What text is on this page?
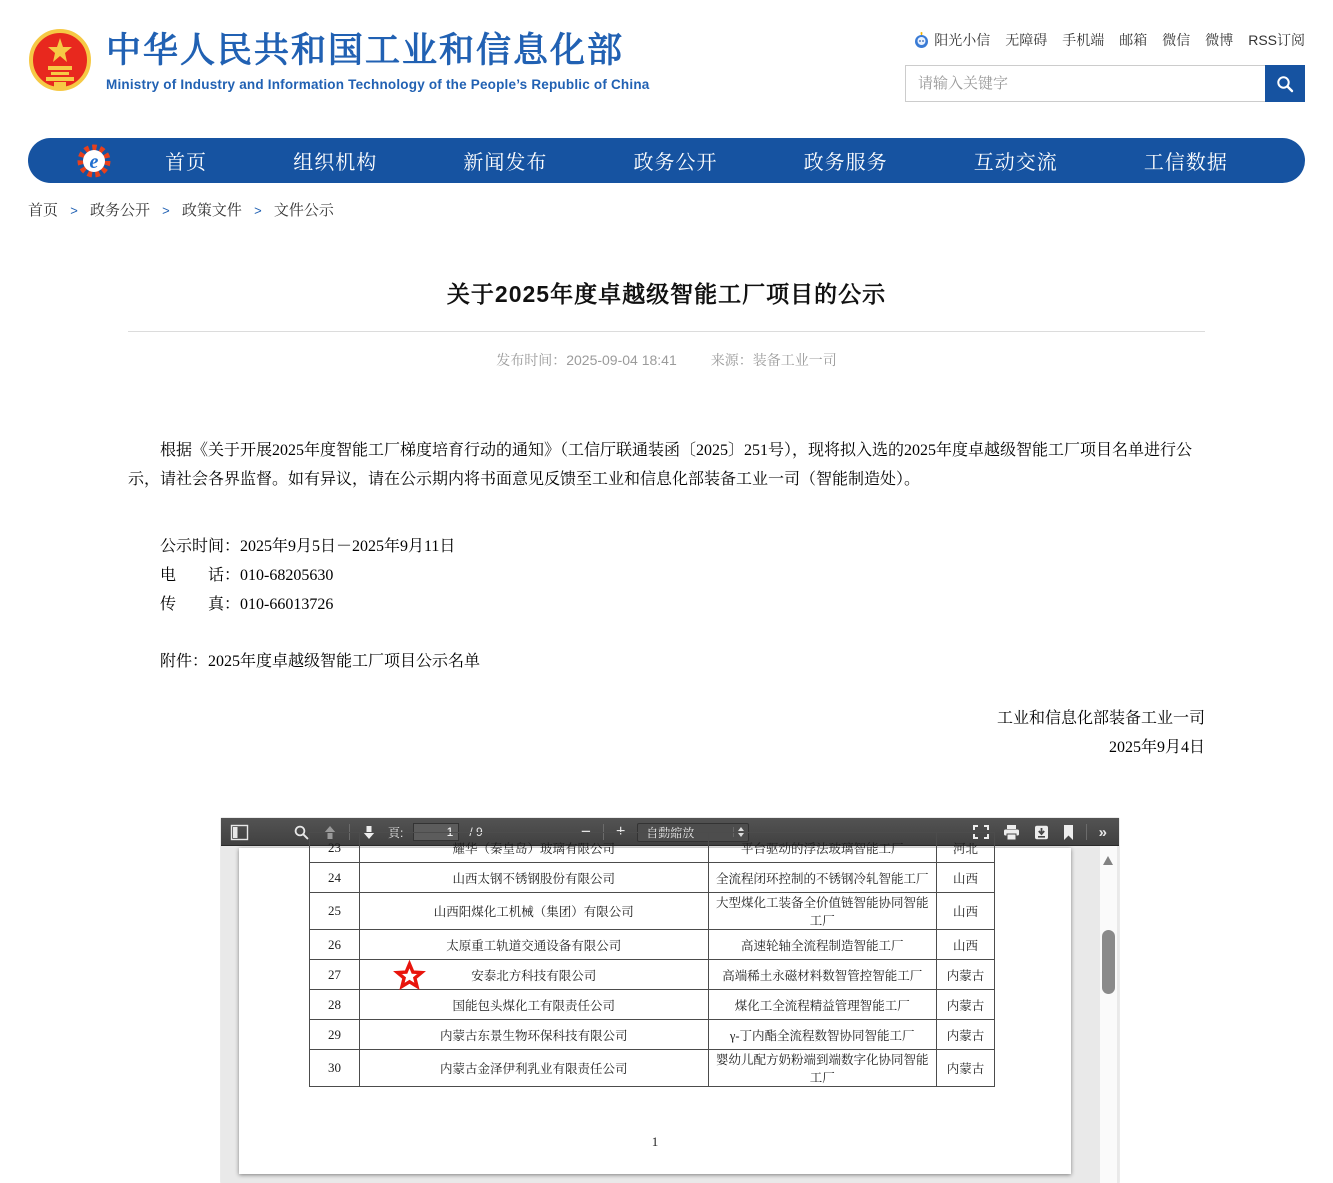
中华人民共和国工业和信息化部
Ministry of Industry and Information Technology of the People’s Republic of China
阳光小信 无障碍 手机端 邮箱 微信 微博 RSS订阅
请输入关键字
e	首页	组织机构	新闻发布	政务公开	政务服务	互动交流	工信数据
首页 > 政务公开 > 政策文件 > 文件公示
关于2025年度卓越级智能工厂项目的公示
发布时间：2025-09-04 18:41 来源：装备工业一司

根据《关于开展2025年度智能工厂梯度培育行动的通知》（工信厅联通装函〔2025〕251号），现将拟入选的2025年度卓越级智能工厂项目名单进行公示，请社会各界监督。如有异议，请在公示期内将书面意见反馈至工业和信息化部装备工业一司（智能制造处）。

公示时间：2025年9月5日－2025年9月11日

电　　话：010-68205630

传　　真：010-66013726

附件：2025年度卓越级智能工厂项目公示名单

工业和信息化部装备工业一司

2025年9月4日

頁:
1	/ 9	− + 自動縮放	»
23	耀华（秦皇岛）玻璃有限公司	平台驱动的浮法玻璃智能工厂	河北
24	山西太钢不锈钢股份有限公司	全流程闭环控制的不锈钢冷轧智能工厂	山西
25	山西阳煤化工机械（集团）有限公司	大型煤化工装备全价值链智能协同智能工厂	山西
26	太原重工轨道交通设备有限公司	高速轮轴全流程制造智能工厂	山西
27	安泰北方科技有限公司	高端稀土永磁材料数智管控智能工厂	内蒙古
28	国能包头煤化工有限责任公司	煤化工全流程精益管理智能工厂	内蒙古
29	内蒙古东景生物环保科技有限公司	γ-丁内酯全流程数智协同智能工厂	内蒙古
30	内蒙古金泽伊利乳业有限责任公司	婴幼儿配方奶粉端到端数字化协同智能工厂	内蒙古
1
